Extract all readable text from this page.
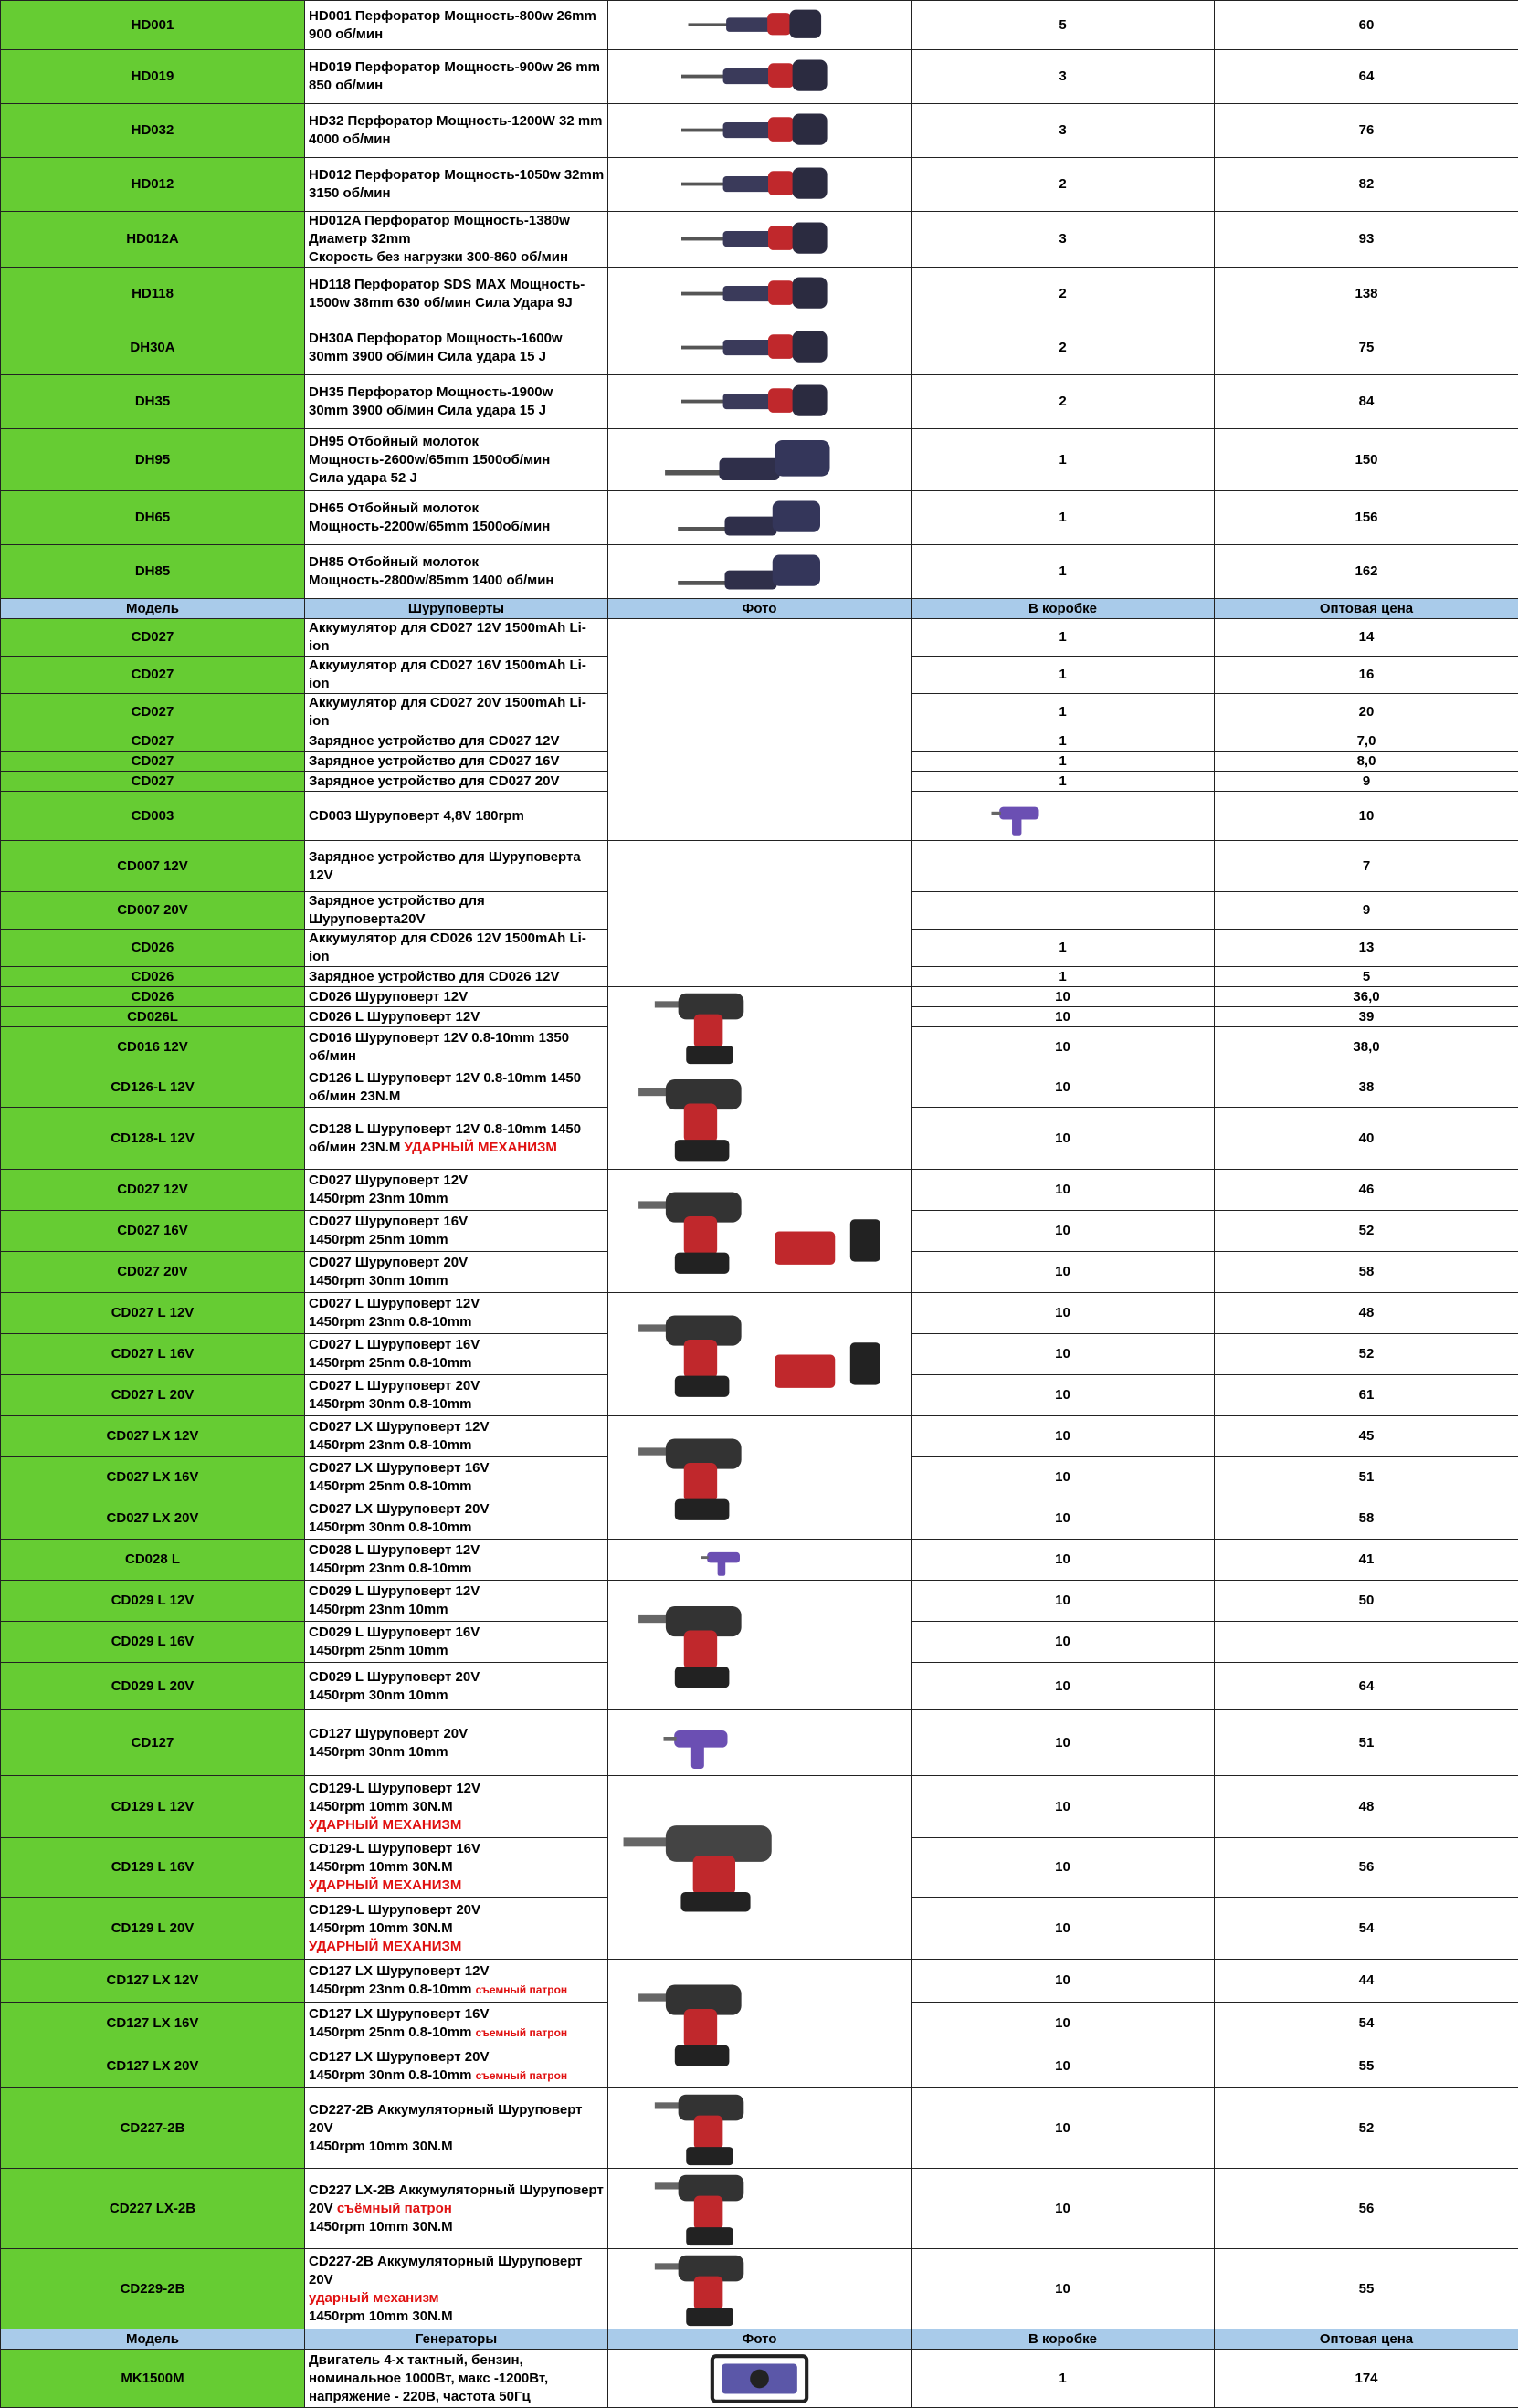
HD001	HD001 Перфоратор Мощность-800w 26mm
900 об/мин		5	60	
HD019	HD019 Перфоратор Мощность-900w 26 mm
850 об/мин		3	64	
HD032	HD32 Перфоратор Мощность-1200W 32 mm
4000 об/мин		3	76	
HD012	HD012 Перфоратор Мощность-1050w 32mm
3150 об/мин		2	82	
HD012A	HD012A Перфоратор Мощность-1380w
Диаметр 32mm
Скорость без нагрузки 300-860 об/мин		3	93	
HD118	HD118 Перфоратор SDS MAX Мощность-
1500w 38mm 630 об/мин Сила Удара 9J		2	138	
DH30A	DH30A Перфоратор Мощность-1600w
30mm 3900 об/мин Сила удара 15 J		2	75	
DH35	DH35 Перфоратор Мощность-1900w
30mm 3900 об/мин Сила удара 15 J		2	84	
DH95	DH95 Отбойный молоток
Мощность-2600w/65mm 1500об/мин
Сила удара 52 J		1	150	
DH65	DH65 Отбойный молоток
Мощность-2200w/65mm 1500об/мин		1	156	
DH85	DH85 Отбойный молоток
Мощность-2800w/85mm 1400 об/мин		1	162	
Модель	Шуруповерты	Фото	В коробке	Оптовая цена	
CD027	Аккумулятор для CD027 12V 1500mAh Li-ion		1	14	
CD027	Аккумулятор для CD027 16V 1500mAh Li-ion		1	16	
CD027	Аккумулятор для CD027 20V 1500mAh Li-ion		1	20	
CD027	Зарядное устройство для CD027 12V		1	7,0	
CD027	Зарядное устройство для CD027 16V		1	8,0	
CD027	Зарядное устройство для CD027 20V		1	9	
CD003	CD003 Шуруповерт 4,8V 180rpm			10	
CD007 12V	Зарядное устройство для Шуруповерта 12V			7	
CD007 20V	Зарядное устройство для Шуруповерта20V			9	
CD026	Аккумулятор для CD026 12V 1500mAh Li-ion		1	13	
CD026	Зарядное устройство для CD026 12V		1	5	
CD026	CD026 Шуруповерт 12V		10	36,0	
CD026L	CD026 L Шуруповерт 12V		10	39	
CD016 12V	CD016 Шуруповерт 12V 0.8-10mm 1350
об/мин		10	38,0	
CD126-L 12V	CD126 L Шуруповерт 12V 0.8-10mm 1450
об/мин 23N.M		10	38	
CD128-L 12V	CD128 L Шуруповерт 12V 0.8-10mm 1450
об/мин 23N.M УДАРНЫЙ МЕХАНИЗМ		10	40	
CD027 12V	CD027 Шуруповерт 12V
1450rpm 23nm 10mm		10	46	
CD027 16V	CD027 Шуруповерт 16V
1450rpm 25nm 10mm		10	52	
CD027 20V	CD027 Шуруповерт 20V
1450rpm 30nm 10mm		10	58	
CD027 L 12V	CD027 L Шуруповерт 12V
1450rpm 23nm 0.8-10mm		10	48	
CD027 L 16V	CD027 L Шуруповерт 16V
1450rpm 25nm 0.8-10mm		10	52	
CD027 L 20V	CD027 L Шуруповерт 20V
1450rpm 30nm 0.8-10mm		10	61	
CD027 LX 12V	CD027 LX Шуруповерт 12V
1450rpm 23nm 0.8-10mm		10	45	
CD027 LX 16V	CD027 LX Шуруповерт 16V
1450rpm 25nm 0.8-10mm		10	51	
CD027 LX 20V	CD027 LX Шуруповерт 20V
1450rpm 30nm 0.8-10mm		10	58	
CD028 L	CD028 L Шуруповерт 12V
1450rpm 23nm 0.8-10mm		10	41	
CD029 L 12V	CD029 L Шуруповерт 12V
1450rpm 23nm 10mm		10	50	
CD029 L 16V	CD029 L Шуруповерт 16V
1450rpm 25nm 10mm		10		
CD029 L 20V	CD029 L Шуруповерт 20V
1450rpm 30nm 10mm		10	64	
CD127	CD127 Шуруповерт 20V
1450rpm 30nm 10mm		10	51	
CD129 L 12V	CD129-L Шуруповерт 12V
1450rpm 10mm 30N.M
УДАРНЫЙ МЕХАНИЗМ		10	48	
CD129 L 16V	CD129-L Шуруповерт 16V
1450rpm 10mm 30N.M
УДАРНЫЙ МЕХАНИЗМ		10	56	
CD129 L 20V	CD129-L Шуруповерт 20V
1450rpm 10mm 30N.M
УДАРНЫЙ МЕХАНИЗМ		10	54	
CD127 LX 12V	CD127 LX Шуруповерт 12V
1450rpm 23nm 0.8-10mm съемный патрон		10	44	
CD127 LX 16V	CD127 LX Шуруповерт 16V
1450rpm 25nm 0.8-10mm съемный патрон		10	54	
CD127 LX 20V	CD127 LX Шуруповерт 20V
1450rpm 30nm 0.8-10mm съемный патрон		10	55	
CD227-2B	CD227-2B Аккумуляторный Шуруповерт 20V
1450rpm 10mm 30N.M		10	52	
CD227 LX-2B	CD227 LX-2B Аккумуляторный Шуруповерт
20V съёмный патрон
1450rpm 10mm 30N.M		10	56	
CD229-2B	CD227-2B Аккумуляторный Шуруповерт 20V
ударный механизм
1450rpm 10mm 30N.M		10	55	
Модель	Генераторы	Фото	В коробке	Оптовая цена	
MK1500M	Двигатель 4-х тактный, бензин,
номинальное 1000Вт, макс -1200Вт,
напряжение - 220В, частота 50Гц		1	174	
